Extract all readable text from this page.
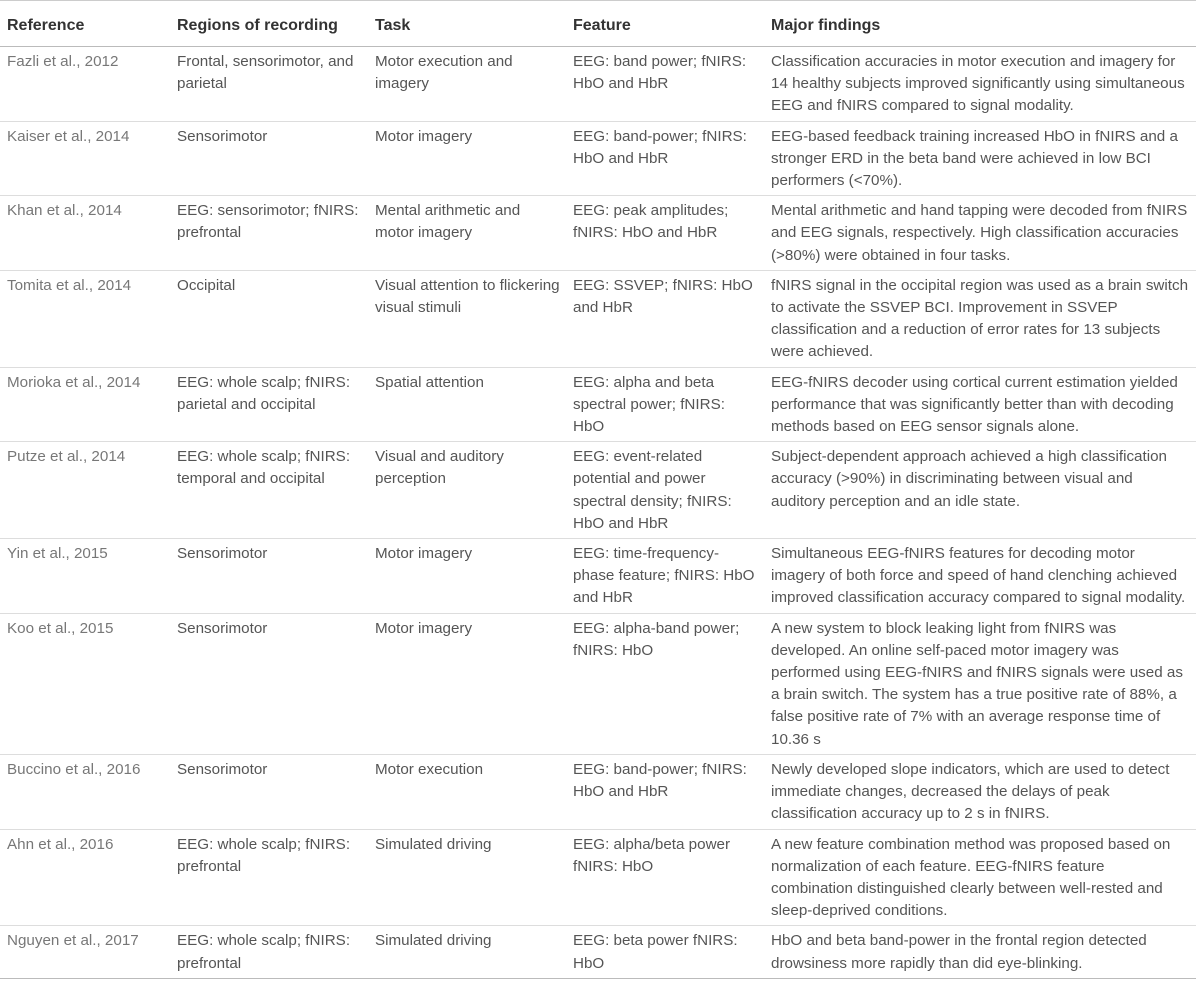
Reference	Regions of recording	Task	Feature	Major findings
Fazli et al., 2012	Frontal, sensorimotor, and parietal	Motor execution and imagery	EEG: band power; fNIRS: HbO and HbR	Classification accuracies in motor execution and imagery for 14 healthy subjects improved significantly using simultaneous EEG and fNIRS compared to signal modality.
Kaiser et al., 2014	Sensorimotor	Motor imagery	EEG: band-power; fNIRS: HbO and HbR	EEG-based feedback training increased HbO in fNIRS and a stronger ERD in the beta band were achieved in low BCI performers (<70%).
Khan et al., 2014	EEG: sensorimotor; fNIRS: prefrontal	Mental arithmetic and motor imagery	EEG: peak amplitudes; fNIRS: HbO and HbR	Mental arithmetic and hand tapping were decoded from fNIRS and EEG signals, respectively. High classification accuracies (>80%) were obtained in four tasks.
Tomita et al., 2014	Occipital	Visual attention to flickering visual stimuli	EEG: SSVEP; fNIRS: HbO and HbR	fNIRS signal in the occipital region was used as a brain switch to activate the SSVEP BCI. Improvement in SSVEP classification and a reduction of error rates for 13 subjects were achieved.
Morioka et al., 2014	EEG: whole scalp; fNIRS: parietal and occipital	Spatial attention	EEG: alpha and beta spectral power; fNIRS: HbO	EEG-fNIRS decoder using cortical current estimation yielded performance that was significantly better than with decoding methods based on EEG sensor signals alone.
Putze et al., 2014	EEG: whole scalp; fNIRS: temporal and occipital	Visual and auditory perception	EEG: event-related potential and power spectral density; fNIRS: HbO and HbR	Subject-dependent approach achieved a high classification accuracy (>90%) in discriminating between visual and auditory perception and an idle state.
Yin et al., 2015	Sensorimotor	Motor imagery	EEG: time-frequency-phase feature; fNIRS: HbO and HbR	Simultaneous EEG-fNIRS features for decoding motor imagery of both force and speed of hand clenching achieved improved classification accuracy compared to signal modality.
Koo et al., 2015	Sensorimotor	Motor imagery	EEG: alpha-band power; fNIRS: HbO	A new system to block leaking light from fNIRS was developed. An online self-paced motor imagery was performed using EEG-fNIRS and fNIRS signals were used as a brain switch. The system has a true positive rate of 88%, a false positive rate of 7% with an average response time of 10.36 s
Buccino et al., 2016	Sensorimotor	Motor execution	EEG: band-power; fNIRS: HbO and HbR	Newly developed slope indicators, which are used to detect immediate changes, decreased the delays of peak classification accuracy up to 2 s in fNIRS.
Ahn et al., 2016	EEG: whole scalp; fNIRS: prefrontal	Simulated driving	EEG: alpha/beta power fNIRS: HbO	A new feature combination method was proposed based on normalization of each feature. EEG-fNIRS feature combination distinguished clearly between well-rested and sleep-deprived conditions.
Nguyen et al., 2017	EEG: whole scalp; fNIRS: prefrontal	Simulated driving	EEG: beta power fNIRS: HbO	HbO and beta band-power in the frontal region detected drowsiness more rapidly than did eye-blinking.
